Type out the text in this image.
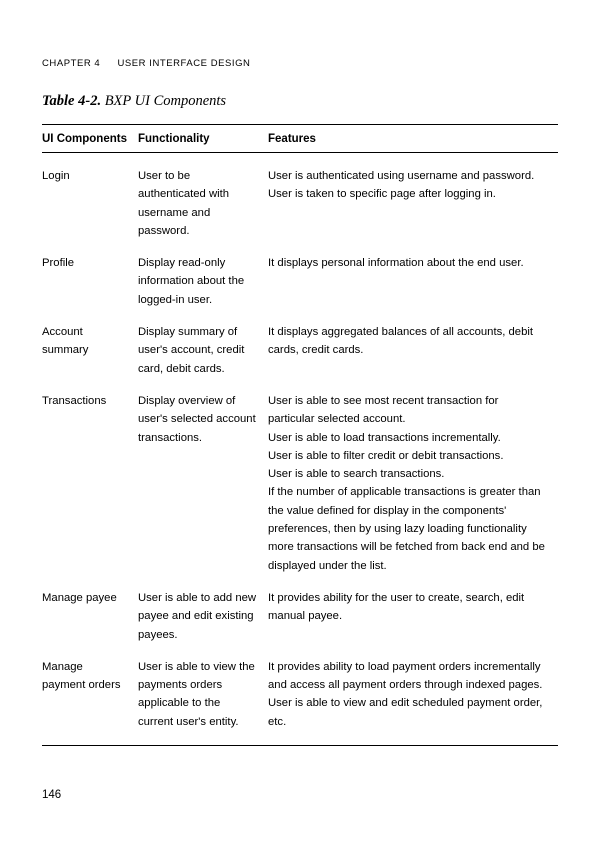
CHAPTER 4 USER INTERFACE DESIGN
Table 4-2. BXP UI Components
UI Components	Functionality	Features
Login	User to be authenticated with username and password.	User is authenticated using username and password.
User is taken to specific page after logging in.

Profile	Display read-only information about the logged-in user.	It displays personal information about the end user.

Account summary	Display summary of user's account, credit card, debit cards.	It displays aggregated balances of all accounts, debit cards, credit cards.

Transactions	Display overview of user's selected account transactions.	User is able to see most recent transaction for particular selected account.
User is able to load transactions incrementally.
User is able to filter credit or debit transactions.
User is able to search transactions.
If the number of applicable transactions is greater than the value defined for display in the components' preferences, then by using lazy loading functionality more transactions will be fetched from back end and be displayed under the list.

Manage payee	User is able to add new payee and edit existing payees.	It provides ability for the user to create, search, edit manual payee.

Manage payment orders	User is able to view the payments orders applicable to the current user's entity.	It provides ability to load payment orders incrementally and access all payment orders through indexed pages. User is able to view and edit scheduled payment order, etc.
146
